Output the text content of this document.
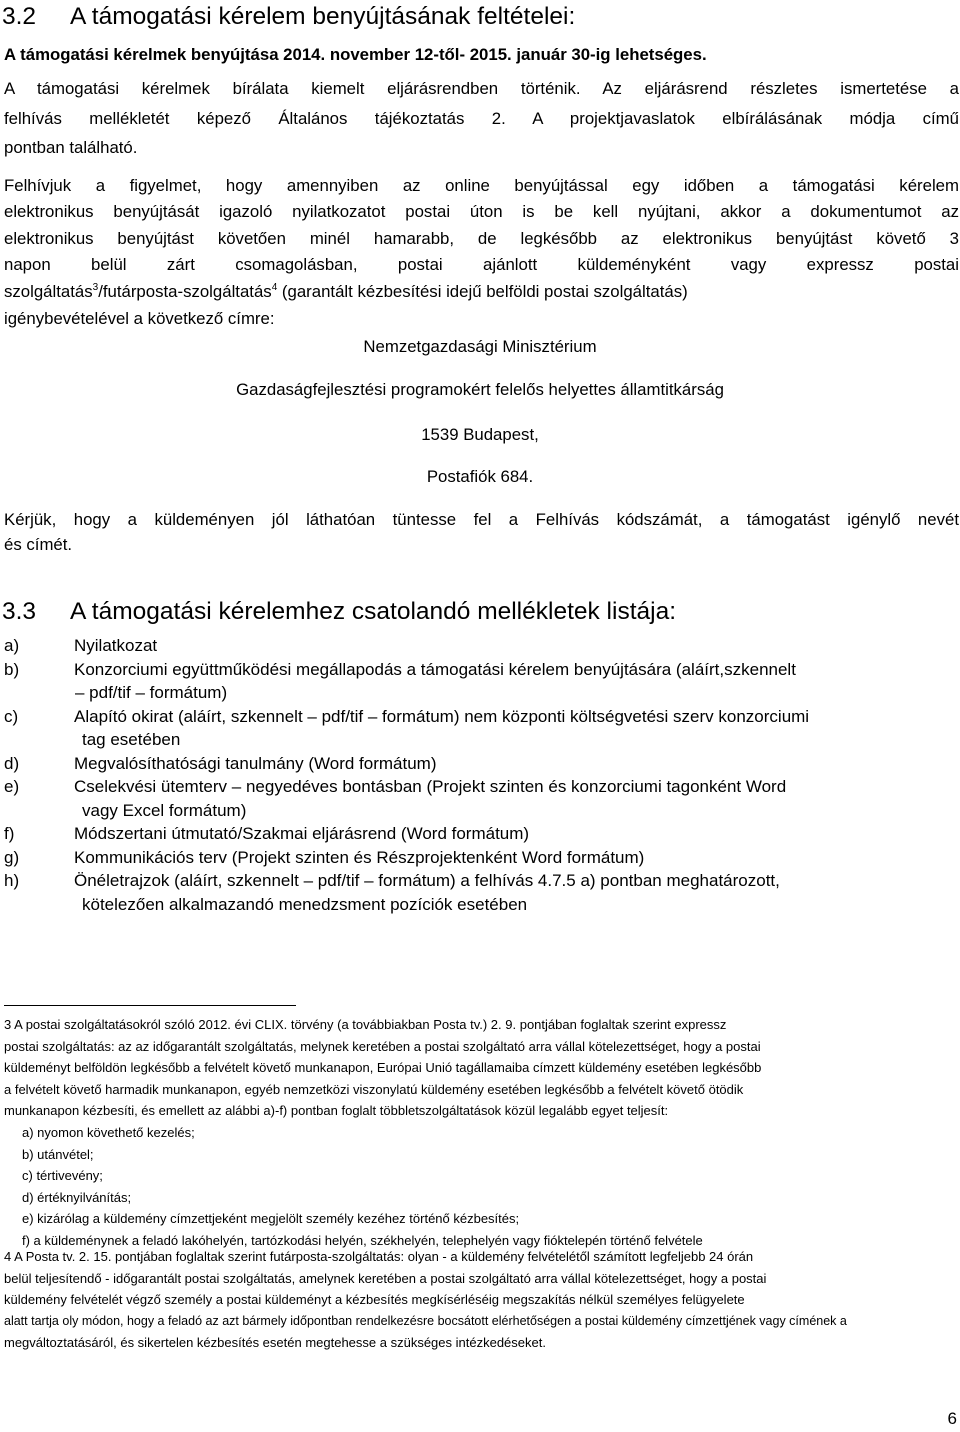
3.2 A támogatási kérelem benyújtásának feltételei:
A támogatási kérelmek benyújtása 2014. november 12-től- 2015. január 30-ig lehetséges.
A támogatási kérelmek bírálata kiemelt eljárásrendben történik. Az eljárásrend részletes ismertetése a
felhívás mellékletét képező Általános tájékoztatás 2. A projektjavaslatok elbírálásának módja című
pontban található.
Felhívjuk a figyelmet, hogy amennyiben az online benyújtással egy időben a támogatási kérelem
elektronikus benyújtását igazoló nyilatkozatot postai úton is be kell nyújtani, akkor a dokumentumot az
elektronikus benyújtást követően minél hamarabb, de legkésőbb az elektronikus benyújtást követő 3
napon belül zárt csomagolásban, postai ajánlott küldeményként vagy expressz postai
szolgáltatás$^3$/futárposta-szolgáltatás$^4$ (garantált kézbesítési idejű belföldi postai szolgáltatás)
igénybevételével a következő címre:
Nemzetgazdasági Minisztérium
Gazdaságfejlesztési programokért felelős helyettes államtitkárság
1539 Budapest,
Postafiók 684.
Kérjük, hogy a küldeményen jól láthatóan tüntesse fel a Felhívás kódszámát, a támogatást igénylő nevét
és címét.
3.3 A támogatási kérelemhez csatolandó mellékletek listája:
a)	Nyilatkozat
b)	Konzorciumi együttműködési megállapodás a támogatási kérelem benyújtására (aláírt,szkennelt
– pdf/tif – formátum)
c)	Alapító okirat (aláírt, szkennelt – pdf/tif – formátum) nem központi költségvetési szerv konzorciumi
tag esetében
d)	Megvalósíthatósági tanulmány (Word formátum)
e)	Cselekvési ütemterv – negyedéves bontásban (Projekt szinten és konzorciumi tagonként Word
vagy Excel formátum)
f)	Módszertani útmutató/Szakmai eljárásrend (Word formátum)
g)	Kommunikációs terv (Projekt szinten és Részprojektenként Word formátum)
h)	Önéletrajzok (aláírt, szkennelt – pdf/tif – formátum) a felhívás 4.7.5 a) pontban meghatározott,
kötelezően alkalmazandó menedzsment pozíciók esetében
3 A postai szolgáltatásokról szóló 2012. évi CLIX. törvény (a továbbiakban Posta tv.) 2. 9. pontjában foglaltak szerint expressz
postai szolgáltatás: az az időgarantált szolgáltatás, melynek keretében a postai szolgáltató arra vállal kötelezettséget, hogy a postai
küldeményt belföldön legkésőbb a felvételt követő munkanapon, Európai Unió tagállamaiba címzett küldemény esetében legkésőbb
a felvételt követő harmadik munkanapon, egyéb nemzetközi viszonylatú küldemény esetében legkésőbb a felvételt követő ötödik
munkanapon kézbesíti, és emellett az alábbi a)-f) pontban foglalt többletszolgáltatások közül legalább egyet teljesít:
a) nyomon követhető kezelés;
b) utánvétel;
c) tértivevény;
d) értéknyilvánítás;
e) kizárólag a küldemény címzettjeként megjelölt személy kezéhez történő kézbesítés;
f) a küldeménynek a feladó lakóhelyén, tartózkodási helyén, székhelyén, telephelyén vagy fióktelepén történő felvétele
4 A Posta tv. 2. 15. pontjában foglaltak szerint futárposta-szolgáltatás: olyan - a küldemény felvételétől számított legfeljebb 24 órán
belül teljesítendő - időgarantált postai szolgáltatás, amelynek keretében a postai szolgáltató arra vállal kötelezettséget, hogy a postai
küldemény felvételét végző személy a postai küldeményt a kézbesítés megkísérléséig megszakítás nélkül személyes felügyelete
alatt tartja oly módon, hogy a feladó az azt bármely időpontban rendelkezésre bocsátott elérhetőségen a postai küldemény címzettjének vagy címének a
megváltoztatásáról, és sikertelen kézbesítés esetén megtehesse a szükséges intézkedéseket.
6
